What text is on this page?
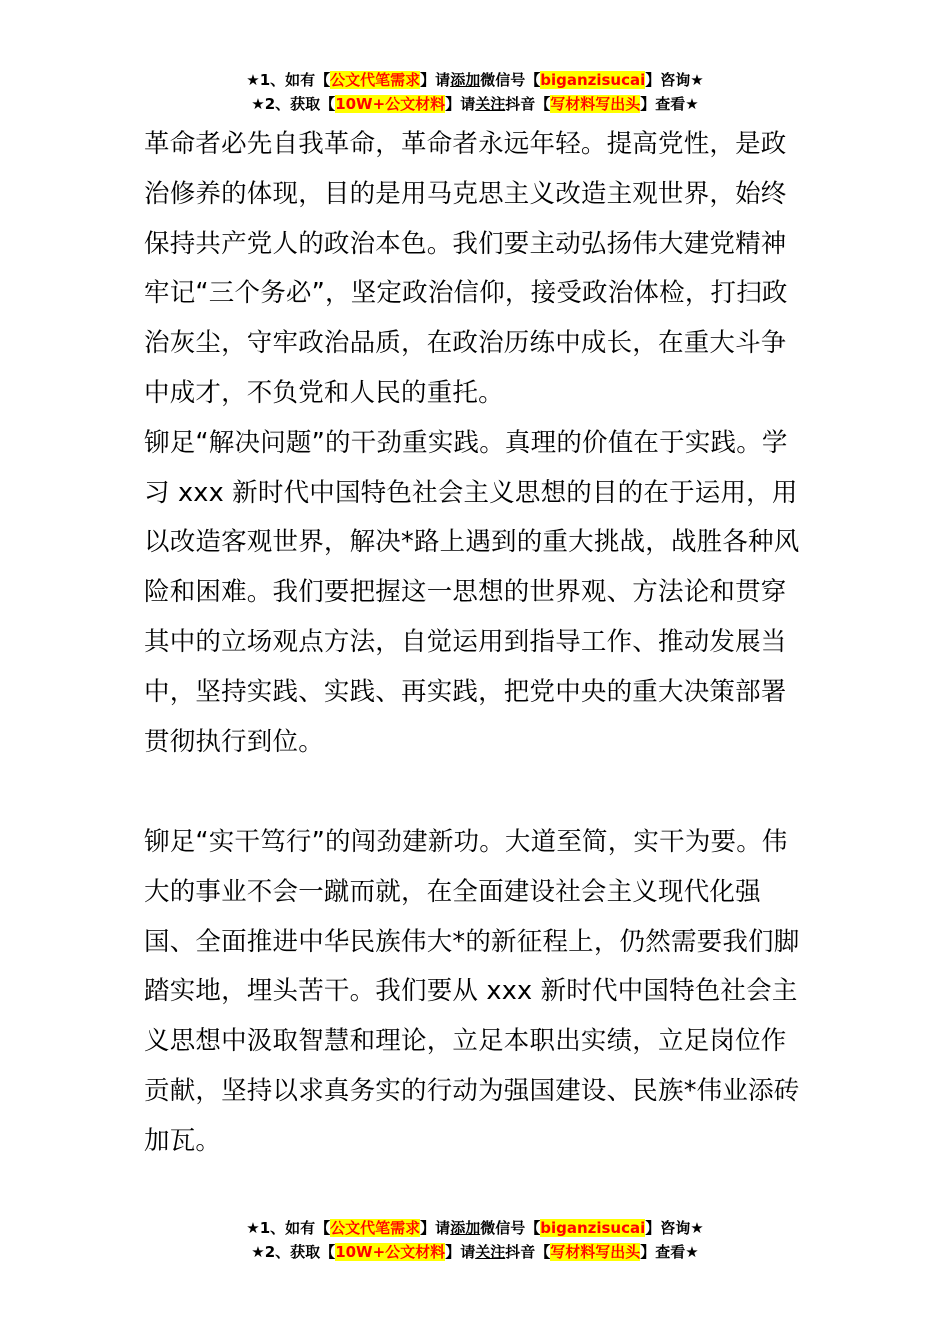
★1、如有【公文代笔需求】请添加微信号【biganzisucai】咨询★
★2、获取【10W+公文材料】请关注抖音【写材料写出头】查看★

革命者必先自我革命，革命者永远年轻。提高党性，是政治修养的体现，目的是用马克思主义改造主观世界，始终保持共产党人的政治本色。我们要主动弘扬伟大建党精神牢记“三个务必”，坚定政治信仰，接受政治体检，打扫政治灰尘，守牢政治品质，在政治历练中成长，在重大斗争中成才，不负党和人民的重托。

铆足“解决问题”的干劲重实践。真理的价值在于实践。学习 xxx 新时代中国特色社会主义思想的目的在于运用，用以改造客观世界，解决*路上遇到的重大挑战，战胜各种风险和困难。我们要把握这一思想的世界观、方法论和贯穿其中的立场观点方法，自觉运用到指导工作、推动发展当中，坚持实践、实践、再实践，把党中央的重大决策部署贯彻执行到位。

铆足“实干笃行”的闯劲建新功。大道至简，实干为要。伟大的事业不会一蹴而就，在全面建设社会主义现代化强国、全面推进中华民族伟大*的新征程上，仍然需要我们脚踏实地，埋头苦干。我们要从 xxx 新时代中国特色社会主义思想中汲取智慧和理论，立足本职出实绩，立足岗位作贡献，坚持以求真务实的行动为强国建设、民族*伟业添砖加瓦。

★1、如有【公文代笔需求】请添加微信号【biganzisucai】咨询★
★2、获取【10W+公文材料】请关注抖音【写材料写出头】查看★
